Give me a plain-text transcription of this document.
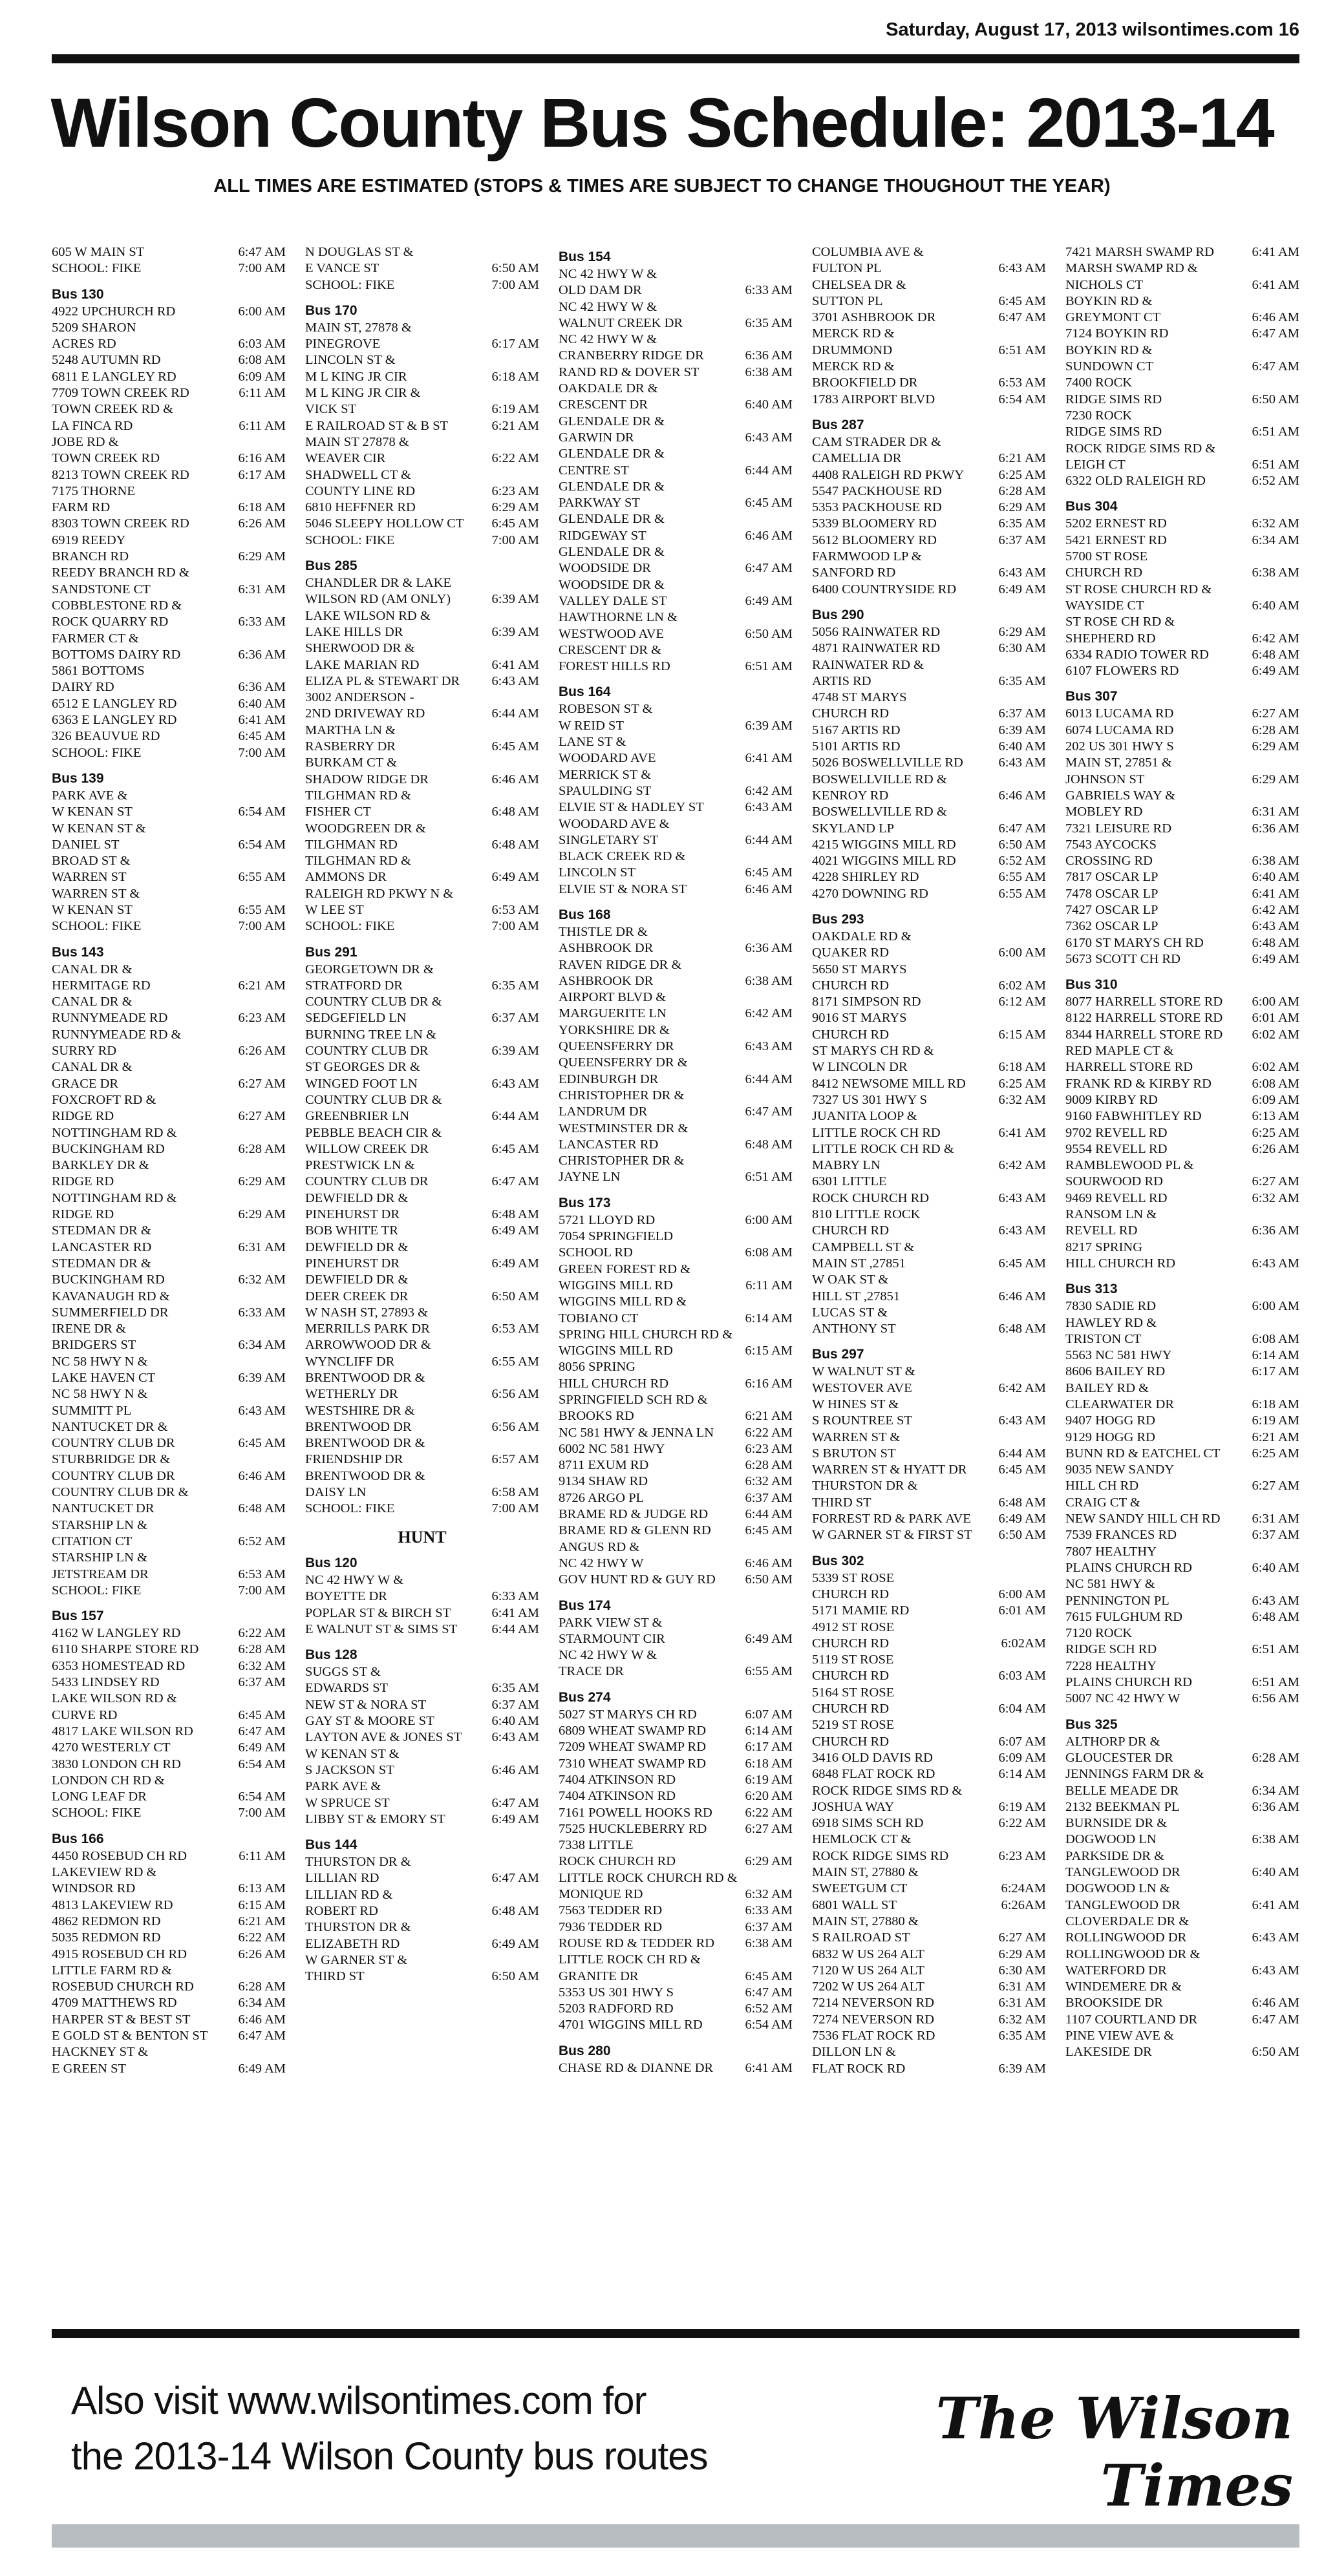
Saturday, August 17, 2013 wilsontimes.com 16
Wilson County Bus Schedule: 2013-14
ALL TIMES ARE ESTIMATED (STOPS & TIMES ARE SUBJECT TO CHANGE THOUGHOUT THE YEAR)
605 W MAIN ST	6:47 AM
SCHOOL: FIKE	7:00 AM
Bus 130
4922 UPCHURCH RD	6:00 AM
5209 SHARON
ACRES RD	6:03 AM
5248 AUTUMN RD	6:08 AM
6811 E LANGLEY RD	6:09 AM
7709 TOWN CREEK RD	6:11 AM
TOWN CREEK RD &
LA FINCA RD	6:11 AM
JOBE RD &
TOWN CREEK RD	6:16 AM
8213 TOWN CREEK RD	6:17 AM
7175 THORNE
FARM RD	6:18 AM
8303 TOWN CREEK RD	6:26 AM
6919 REEDY
BRANCH RD	6:29 AM
REEDY BRANCH RD &
SANDSTONE CT	6:31 AM
COBBLESTONE RD &
ROCK QUARRY RD	6:33 AM
FARMER CT &
BOTTOMS DAIRY RD	6:36 AM
5861 BOTTOMS
DAIRY RD	6:36 AM
6512 E LANGLEY RD	6:40 AM
6363 E LANGLEY RD	6:41 AM
326 BEAUVUE RD	6:45 AM
SCHOOL: FIKE	7:00 AM
Bus 139
PARK AVE &
W KENAN ST	6:54 AM
W KENAN ST &
DANIEL ST	6:54 AM
BROAD ST &
WARREN ST	6:55 AM
WARREN ST &
W KENAN ST	6:55 AM
SCHOOL: FIKE	7:00 AM
Bus 143
CANAL DR &
HERMITAGE RD	6:21 AM
CANAL DR &
RUNNYMEADE RD	6:23 AM
RUNNYMEADE RD &
SURRY RD	6:26 AM
CANAL DR &
GRACE DR	6:27 AM
FOXCROFT RD &
RIDGE RD	6:27 AM
NOTTINGHAM RD &
BUCKINGHAM RD	6:28 AM
BARKLEY DR &
RIDGE RD	6:29 AM
NOTTINGHAM RD &
RIDGE RD	6:29 AM
STEDMAN DR &
LANCASTER RD	6:31 AM
STEDMAN DR &
BUCKINGHAM RD	6:32 AM
KAVANAUGH RD &
SUMMERFIELD DR	6:33 AM
IRENE DR &
BRIDGERS ST	6:34 AM
NC 58 HWY N &
LAKE HAVEN CT	6:39 AM
NC 58 HWY N &
SUMMITT PL	6:43 AM
NANTUCKET DR &
COUNTRY CLUB DR	6:45 AM
STURBRIDGE DR &
COUNTRY CLUB DR	6:46 AM
COUNTRY CLUB DR &
NANTUCKET DR	6:48 AM
STARSHIP LN &
CITATION CT	6:52 AM
STARSHIP LN &
JETSTREAM DR	6:53 AM
SCHOOL: FIKE	7:00 AM
Bus 157
4162 W LANGLEY RD	6:22 AM
6110 SHARPE STORE RD	6:28 AM
6353 HOMESTEAD RD	6:32 AM
5433 LINDSEY RD	6:37 AM
LAKE WILSON RD &
CURVE RD	6:45 AM
4817 LAKE WILSON RD	6:47 AM
4270 WESTERLY CT	6:49 AM
3830 LONDON CH RD	6:54 AM
LONDON CH RD &
LONG LEAF DR	6:54 AM
SCHOOL: FIKE	7:00 AM
Bus 166
4450 ROSEBUD CH RD	6:11 AM
LAKEVIEW RD &
WINDSOR RD	6:13 AM
4813 LAKEVIEW RD	6:15 AM
4862 REDMON RD	6:21 AM
5035 REDMON RD	6:22 AM
4915 ROSEBUD CH RD	6:26 AM
LITTLE FARM RD &
ROSEBUD CHURCH RD	6:28 AM
4709 MATTHEWS RD	6:34 AM
HARPER ST & BEST ST	6:46 AM
E GOLD ST & BENTON ST 6:47 AM
HACKNEY ST &
E GREEN ST	6:49 AM
N DOUGLAS ST &
E VANCE ST	6:50 AM
SCHOOL: FIKE	7:00 AM
Bus 170
MAIN ST, 27878 &
PINEGROVE	6:17 AM
LINCOLN ST &
M L KING JR CIR	6:18 AM
M L KING JR CIR &
VICK ST	6:19 AM
E RAILROAD ST & B ST	6:21 AM
MAIN ST 27878 &
WEAVER CIR	6:22 AM
SHADWELL CT &
COUNTY LINE RD	6:23 AM
6810 HEFFNER RD	6:29 AM
5046 SLEEPY HOLLOW CT 6:45 AM
SCHOOL: FIKE	7:00 AM
Bus 285
CHANDLER DR & LAKE
WILSON RD (AM ONLY)	6:39 AM
LAKE WILSON RD &
LAKE HILLS DR	6:39 AM
SHERWOOD DR &
LAKE MARIAN RD	6:41 AM
ELIZA PL & STEWART DR 6:43 AM
3002 ANDERSON -
2ND DRIVEWAY RD	6:44 AM
MARTHA LN &
RASBERRY DR	6:45 AM
BURKAM CT &
SHADOW RIDGE DR	6:46 AM
TILGHMAN RD &
FISHER CT	6:48 AM
WOODGREEN DR &
TILGHMAN RD	6:48 AM
TILGHMAN RD &
AMMONS DR	6:49 AM
RALEIGH RD PKWY N &
W LEE ST	6:53 AM
SCHOOL: FIKE	7:00 AM
Bus 291
GEORGETOWN DR &
STRATFORD DR	6:35 AM
COUNTRY CLUB DR &
SEDGEFIELD LN	6:37 AM
BURNING TREE LN &
COUNTRY CLUB DR	6:39 AM
ST GEORGES DR &
WINGED FOOT LN	6:43 AM
COUNTRY CLUB DR &
GREENBRIER LN	6:44 AM
PEBBLE BEACH CIR &
WILLOW CREEK DR	6:45 AM
PRESTWICK LN &
COUNTRY CLUB DR	6:47 AM
DEWFIELD DR &
PINEHURST DR	6:48 AM
BOB WHITE TR	6:49 AM
DEWFIELD DR &
PINEHURST DR	6:49 AM
DEWFIELD DR &
DEER CREEK DR	6:50 AM
W NASH ST, 27893 &
MERRILLS PARK DR	6:53 AM
ARROWWOOD DR &
WYNCLIFF DR	6:55 AM
BRENTWOOD DR &
WETHERLY DR	6:56 AM
WESTSHIRE DR &
BRENTWOOD DR	6:56 AM
BRENTWOOD DR &
FRIENDSHIP DR	6:57 AM
BRENTWOOD DR &
DAISY LN	6:58 AM
SCHOOL: FIKE	7:00 AM
HUNT
Bus 120
NC 42 HWY W &
BOYETTE DR	6:33 AM
POPLAR ST & BIRCH ST	6:41 AM
E WALNUT ST & SIMS ST	6:44 AM
Bus 128
SUGGS ST &
EDWARDS ST	6:35 AM
NEW ST & NORA ST	6:37 AM
GAY ST & MOORE ST	6:40 AM
LAYTON AVE & JONES ST 6:43 AM
W KENAN ST &
S JACKSON ST	6:46 AM
PARK AVE &
W SPRUCE ST	6:47 AM
LIBBY ST & EMORY ST	6:49 AM
Bus 144
THURSTON DR &
LILLIAN RD	6:47 AM
LILLIAN RD &
ROBERT RD	6:48 AM
THURSTON DR &
ELIZABETH RD	6:49 AM
W GARNER ST &
THIRD ST	6:50 AM
Bus 154
NC 42 HWY W &
OLD DAM DR	6:33 AM
NC 42 HWY W &
WALNUT CREEK DR	6:35 AM
NC 42 HWY W &
CRANBERRY RIDGE DR	6:36 AM
RAND RD & DOVER ST	6:38 AM
OAKDALE DR &
CRESCENT DR	6:40 AM
GLENDALE DR &
GARWIN DR	6:43 AM
GLENDALE DR &
CENTRE ST	6:44 AM
GLENDALE DR &
PARKWAY ST	6:45 AM
GLENDALE DR &
RIDGEWAY ST	6:46 AM
GLENDALE DR &
WOODSIDE DR	6:47 AM
WOODSIDE DR &
VALLEY DALE ST	6:49 AM
HAWTHORNE LN &
WESTWOOD AVE	6:50 AM
CRESCENT DR &
FOREST HILLS RD	6:51 AM
Bus 164
ROBESON ST &
W REID ST	6:39 AM
LANE ST &
WOODARD AVE	6:41 AM
MERRICK ST &
SPAULDING ST	6:42 AM
ELVIE ST & HADLEY ST	6:43 AM
WOODARD AVE &
SINGLETARY ST	6:44 AM
BLACK CREEK RD &
LINCOLN ST	6:45 AM
ELVIE ST & NORA ST	6:46 AM
Bus 168
THISTLE DR &
ASHBROOK DR	6:36 AM
RAVEN RIDGE DR &
ASHBROOK DR	6:38 AM
AIRPORT BLVD &
MARGUERITE LN	6:42 AM
YORKSHIRE DR &
QUEENSFERRY DR	6:43 AM
QUEENSFERRY DR &
EDINBURGH DR	6:44 AM
CHRISTOPHER DR &
LANDRUM DR	6:47 AM
WESTMINSTER DR &
LANCASTER RD	6:48 AM
CHRISTOPHER DR &
JAYNE LN	6:51 AM
Bus 173
5721 LLOYD RD	6:00 AM
7054 SPRINGFIELD
SCHOOL RD	6:08 AM
GREEN FOREST RD &
WIGGINS MILL RD	6:11 AM
WIGGINS MILL RD &
TOBIANO CT	6:14 AM
SPRING HILL CHURCH RD &
WIGGINS MILL RD	6:15 AM
8056 SPRING
HILL CHURCH RD	6:16 AM
SPRINGFIELD SCH RD &
BROOKS RD	6:21 AM
NC 581 HWY & JENNA LN 6:22 AM
6002 NC 581 HWY	6:23 AM
8711 EXUM RD	6:28 AM
9134 SHAW RD	6:32 AM
8726 ARGO PL	6:37 AM
BRAME RD & JUDGE RD	6:44 AM
BRAME RD & GLENN RD	6:45 AM
ANGUS RD &
NC 42 HWY W	6:46 AM
GOV HUNT RD & GUY RD 6:50 AM
Bus 174
PARK VIEW ST &
STARMOUNT CIR	6:49 AM
NC 42 HWY W &
TRACE DR	6:55 AM
Bus 274
5027 ST MARYS CH RD	6:07 AM
6809 WHEAT SWAMP RD	6:14 AM
7209 WHEAT SWAMP RD	6:17 AM
7310 WHEAT SWAMP RD	6:18 AM
7404 ATKINSON RD	6:19 AM
7404 ATKINSON RD	6:20 AM
7161 POWELL HOOKS RD 6:22 AM
7525 HUCKLEBERRY RD	6:27 AM
7338 LITTLE
ROCK CHURCH RD	6:29 AM
LITTLE ROCK CHURCH RD &
MONIQUE RD	6:32 AM
7563 TEDDER RD	6:33 AM
7936 TEDDER RD	6:37 AM
ROUSE RD & TEDDER RD 6:38 AM
LITTLE ROCK CH RD &
GRANITE DR	6:45 AM
5353 US 301 HWY S	6:47 AM
5203 RADFORD RD	6:52 AM
4701 WIGGINS MILL RD	6:54 AM
Bus 280
CHASE RD & DIANNE DR 6:41 AM
COLUMBIA AVE &
FULTON PL	6:43 AM
CHELSEA DR &
SUTTON PL	6:45 AM
3701 ASHBROOK DR	6:47 AM
MERCK RD &
DRUMMOND	6:51 AM
MERCK RD &
BROOKFIELD DR	6:53 AM
1783 AIRPORT BLVD	6:54 AM
Bus 287
CAM STRADER DR &
CAMELLIA DR	6:21 AM
4408 RALEIGH RD PKWY	6:25 AM
5547 PACKHOUSE RD	6:28 AM
5353 PACKHOUSE RD	6:29 AM
5339 BLOOMERY RD	6:35 AM
5612 BLOOMERY RD	6:37 AM
FARMWOOD LP &
SANFORD RD	6:43 AM
6400 COUNTRYSIDE RD	6:49 AM
Bus 290
5056 RAINWATER RD	6:29 AM
4871 RAINWATER RD	6:30 AM
RAINWATER RD &
ARTIS RD	6:35 AM
4748 ST MARYS
CHURCH RD	6:37 AM
5167 ARTIS RD	6:39 AM
5101 ARTIS RD	6:40 AM
5026 BOSWELLVILLE RD	6:43 AM
BOSWELLVILLE RD &
KENROY RD	6:46 AM
BOSWELLVILLE RD &
SKYLAND LP	6:47 AM
4215 WIGGINS MILL RD	6:50 AM
4021 WIGGINS MILL RD	6:52 AM
4228 SHIRLEY RD	6:55 AM
4270 DOWNING RD	6:55 AM
Bus 293
OAKDALE RD &
QUAKER RD	6:00 AM
5650 ST MARYS
CHURCH RD	6:02 AM
8171 SIMPSON RD	6:12 AM
9016 ST MARYS
CHURCH RD	6:15 AM
ST MARYS CH RD &
W LINCOLN DR	6:18 AM
8412 NEWSOME MILL RD 6:25 AM
7327 US 301 HWY S	6:32 AM
JUANITA LOOP &
LITTLE ROCK CH RD	6:41 AM
LITTLE ROCK CH RD &
MABRY LN	6:42 AM
6301 LITTLE
ROCK CHURCH RD	6:43 AM
810 LITTLE ROCK
CHURCH RD	6:43 AM
CAMPBELL ST &
MAIN ST ,27851	6:45 AM
W OAK ST &
HILL ST ,27851	6:46 AM
LUCAS ST &
ANTHONY ST	6:48 AM
Bus 297
W WALNUT ST &
WESTOVER AVE	6:42 AM
W HINES ST &
S ROUNTREE ST	6:43 AM
WARREN ST &
S BRUTON ST	6:44 AM
WARREN ST & HYATT DR 6:45 AM
THURSTON DR &
THIRD ST	6:48 AM
FORREST RD & PARK AVE 6:49 AM
W GARNER ST & FIRST ST 6:50 AM
Bus 302
5339 ST ROSE
CHURCH RD	6:00 AM
5171 MAMIE RD	6:01 AM
4912 ST ROSE
CHURCH RD	6:02AM
5119 ST ROSE
CHURCH RD	6:03 AM
5164 ST ROSE
CHURCH RD	6:04 AM
5219 ST ROSE
CHURCH RD	6:07 AM
3416 OLD DAVIS RD	6:09 AM
6848 FLAT ROCK RD	6:14 AM
ROCK RIDGE SIMS RD &
JOSHUA WAY	6:19 AM
6918 SIMS SCH RD	6:22 AM
HEMLOCK CT &
ROCK RIDGE SIMS RD	6:23 AM
MAIN ST, 27880 &
SWEETGUM CT	6:24AM
6801 WALL ST	6:26AM
MAIN ST, 27880 &
S RAILROAD ST	6:27 AM
6832 W US 264 ALT	6:29 AM
7120 W US 264 ALT	6:30 AM
7202 W US 264 ALT	6:31 AM
7214 NEVERSON RD	6:31 AM
7274 NEVERSON RD	6:32 AM
7536 FLAT ROCK RD	6:35 AM
DILLON LN &
FLAT ROCK RD	6:39 AM
7421 MARSH SWAMP RD	6:41 AM
MARSH SWAMP RD &
NICHOLS CT	6:41 AM
BOYKIN RD &
GREYMONT CT	6:46 AM
7124 BOYKIN RD	6:47 AM
BOYKIN RD &
SUNDOWN CT	6:47 AM
7400 ROCK
RIDGE SIMS RD	6:50 AM
7230 ROCK
RIDGE SIMS RD	6:51 AM
ROCK RIDGE SIMS RD &
LEIGH CT	6:51 AM
6322 OLD RALEIGH RD	6:52 AM
Bus 304
5202 ERNEST RD	6:32 AM
5421 ERNEST RD	6:34 AM
5700 ST ROSE
CHURCH RD	6:38 AM
ST ROSE CHURCH RD &
WAYSIDE CT	6:40 AM
ST ROSE CH RD &
SHEPHERD RD	6:42 AM
6334 RADIO TOWER RD	6:48 AM
6107 FLOWERS RD	6:49 AM
Bus 307
6013 LUCAMA RD	6:27 AM
6074 LUCAMA RD	6:28 AM
202 US 301 HWY S	6:29 AM
MAIN ST, 27851 &
JOHNSON ST	6:29 AM
GABRIELS WAY &
MOBLEY RD	6:31 AM
7321 LEISURE RD	6:36 AM
7543 AYCOCKS
CROSSING RD	6:38 AM
7817 OSCAR LP	6:40 AM
7478 OSCAR LP	6:41 AM
7427 OSCAR LP	6:42 AM
7362 OSCAR LP	6:43 AM
6170 ST MARYS CH RD	6:48 AM
5673 SCOTT CH RD	6:49 AM
Bus 310
8077 HARRELL STORE RD 6:00 AM
8122 HARRELL STORE RD 6:01 AM
8344 HARRELL STORE RD 6:02 AM
RED MAPLE CT &
HARRELL STORE RD	6:02 AM
FRANK RD & KIRBY RD	6:08 AM
9009 KIRBY RD	6:09 AM
9160 FABWHITLEY RD	6:13 AM
9702 REVELL RD	6:25 AM
9554 REVELL RD	6:26 AM
RAMBLEWOOD PL &
SOURWOOD RD	6:27 AM
9469 REVELL RD	6:32 AM
RANSOM LN &
REVELL RD	6:36 AM
8217 SPRING
HILL CHURCH RD	6:43 AM
Bus 313
7830 SADIE RD	6:00 AM
HAWLEY RD &
TRISTON CT	6:08 AM
5563 NC 581 HWY	6:14 AM
8606 BAILEY RD	6:17 AM
BAILEY RD &
CLEARWATER DR	6:18 AM
9407 HOGG RD	6:19 AM
9129 HOGG RD	6:21 AM
BUNN RD & EATCHEL CT 6:25 AM
9035 NEW SANDY
HILL CH RD	6:27 AM
CRAIG CT &
NEW SANDY HILL CH RD 6:31 AM
7539 FRANCES RD	6:37 AM
7807 HEALTHY
PLAINS CHURCH RD	6:40 AM
NC 581 HWY &
PENNINGTON PL	6:43 AM
7615 FULGHUM RD	6:48 AM
7120 ROCK
RIDGE SCH RD	6:51 AM
7228 HEALTHY
PLAINS CHURCH RD	6:51 AM
5007 NC 42 HWY W	6:56 AM
Bus 325
ALTHORP DR &
GLOUCESTER DR	6:28 AM
JENNINGS FARM DR &
BELLE MEADE DR	6:34 AM
2132 BEEKMAN PL	6:36 AM
BURNSIDE DR &
DOGWOOD LN	6:38 AM
PARKSIDE DR &
TANGLEWOOD DR	6:40 AM
DOGWOOD LN &
TANGLEWOOD DR	6:41 AM
CLOVERDALE DR &
ROLLINGWOOD DR	6:43 AM
ROLLINGWOOD DR &
WATERFORD DR	6:43 AM
WINDEMERE DR &
BROOKSIDE DR	6:46 AM
1107 COURTLAND DR	6:47 AM
PINE VIEW AVE &
LAKESIDE DR	6:50 AM
Also visit www.wilsontimes.com for
the 2013-14 Wilson County bus routes
The Wilson Times
